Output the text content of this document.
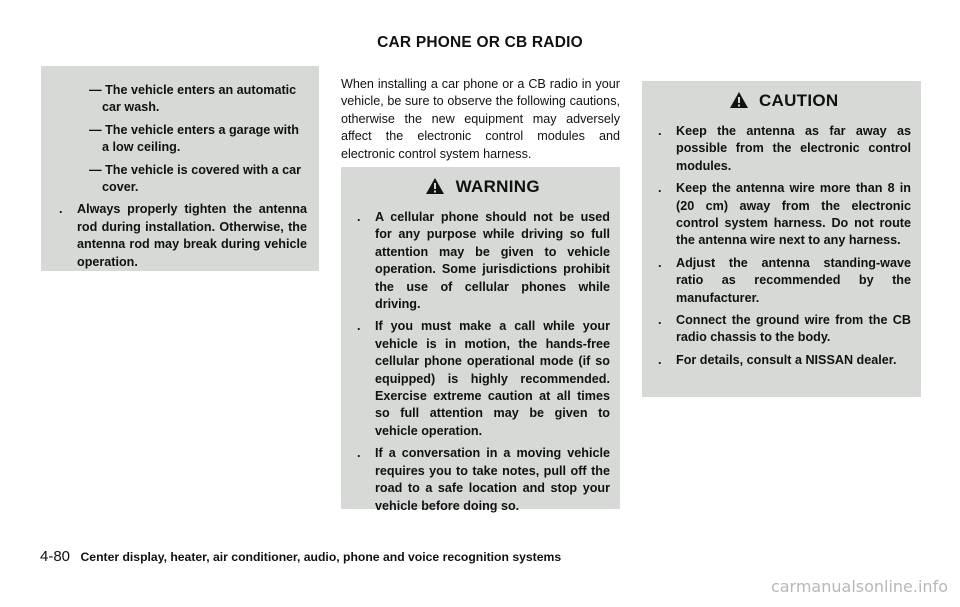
CAR PHONE OR CB RADIO
— The vehicle enters an automatic car wash.
— The vehicle enters a garage with a low ceiling.
— The vehicle is covered with a car cover.
. Always properly tighten the antenna rod during installation. Otherwise, the antenna rod may break during vehicle operation.
When installing a car phone or a CB radio in your vehicle, be sure to observe the following cautions, otherwise the new equipment may adversely affect the electronic control modules and electronic control system harness.
WARNING
. A cellular phone should not be used for any purpose while driving so full attention may be given to vehicle operation. Some jurisdictions prohibit the use of cellular phones while driving.
. If you must make a call while your vehicle is in motion, the hands-free cellular phone operational mode (if so equipped) is highly recommended. Exercise extreme caution at all times so full attention may be given to vehicle operation.
. If a conversation in a moving vehicle requires you to take notes, pull off the road to a safe location and stop your vehicle before doing so.
CAUTION
. Keep the antenna as far away as possible from the electronic control modules.
. Keep the antenna wire more than 8 in (20 cm) away from the electronic control system harness. Do not route the antenna wire next to any harness.
. Adjust the antenna standing-wave ratio as recommended by the manufacturer.
. Connect the ground wire from the CB radio chassis to the body.
. For details, consult a NISSAN dealer.
4-80 Center display, heater, air conditioner, audio, phone and voice recognition systems
carmanualsonline.info
